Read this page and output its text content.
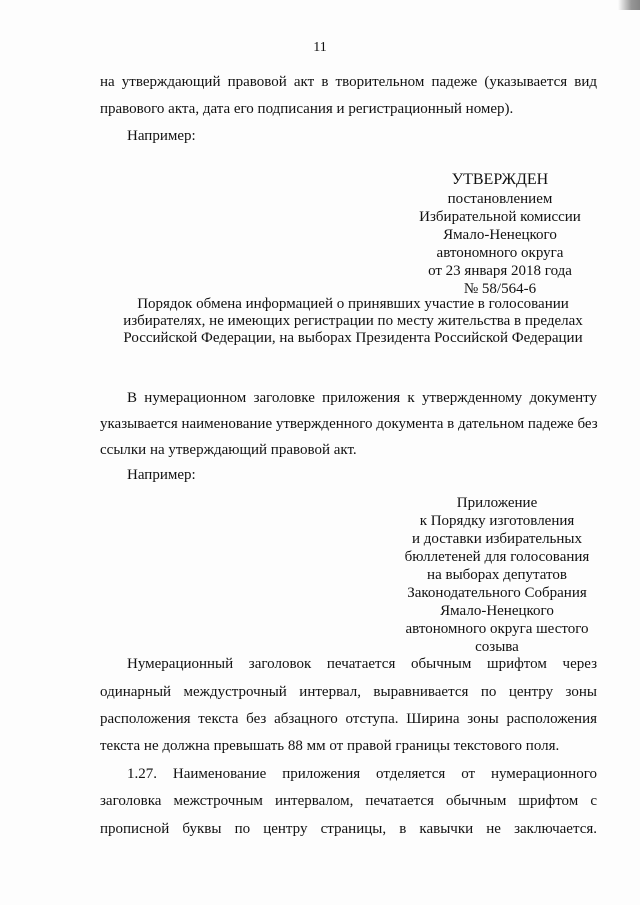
11
на утверждающий правовой акт в творительном падеже (указывается вид
правового акта, дата его подписания и регистрационный номер).
Например:
УТВЕРЖДЕН
постановлением
Избирательной комиссии
Ямало-Ненецкого
автономного округа
от 23 января 2018 года
№ 58/564-6
Порядок обмена информацией о принявших участие в голосовании
избирателях, не имеющих регистрации по месту жительства в пределах
Российской Федерации, на выборах Президента Российской Федерации
В нумерационном заголовке приложения к утвержденному документу
указывается наименование утвержденного документа в дательном падеже без
ссылки на утверждающий правовой акт.
Например:
Приложение
к Порядку изготовления
и доставки избирательных
бюллетеней для голосования
на выборах депутатов
Законодательного Собрания
Ямало-Ненецкого
автономного округа шестого
созыва
Нумерационный заголовок печатается обычным шрифтом через
одинарный междустрочный интервал, выравнивается по центру зоны
расположения текста без абзацного отступа. Ширина зоны расположения
текста не должна превышать 88 мм от правой границы текстового поля.
1.27. Наименование приложения отделяется от нумерационного
заголовка межстрочным интервалом, печатается обычным шрифтом с
прописной буквы по центру страницы, в кавычки не заключается.
